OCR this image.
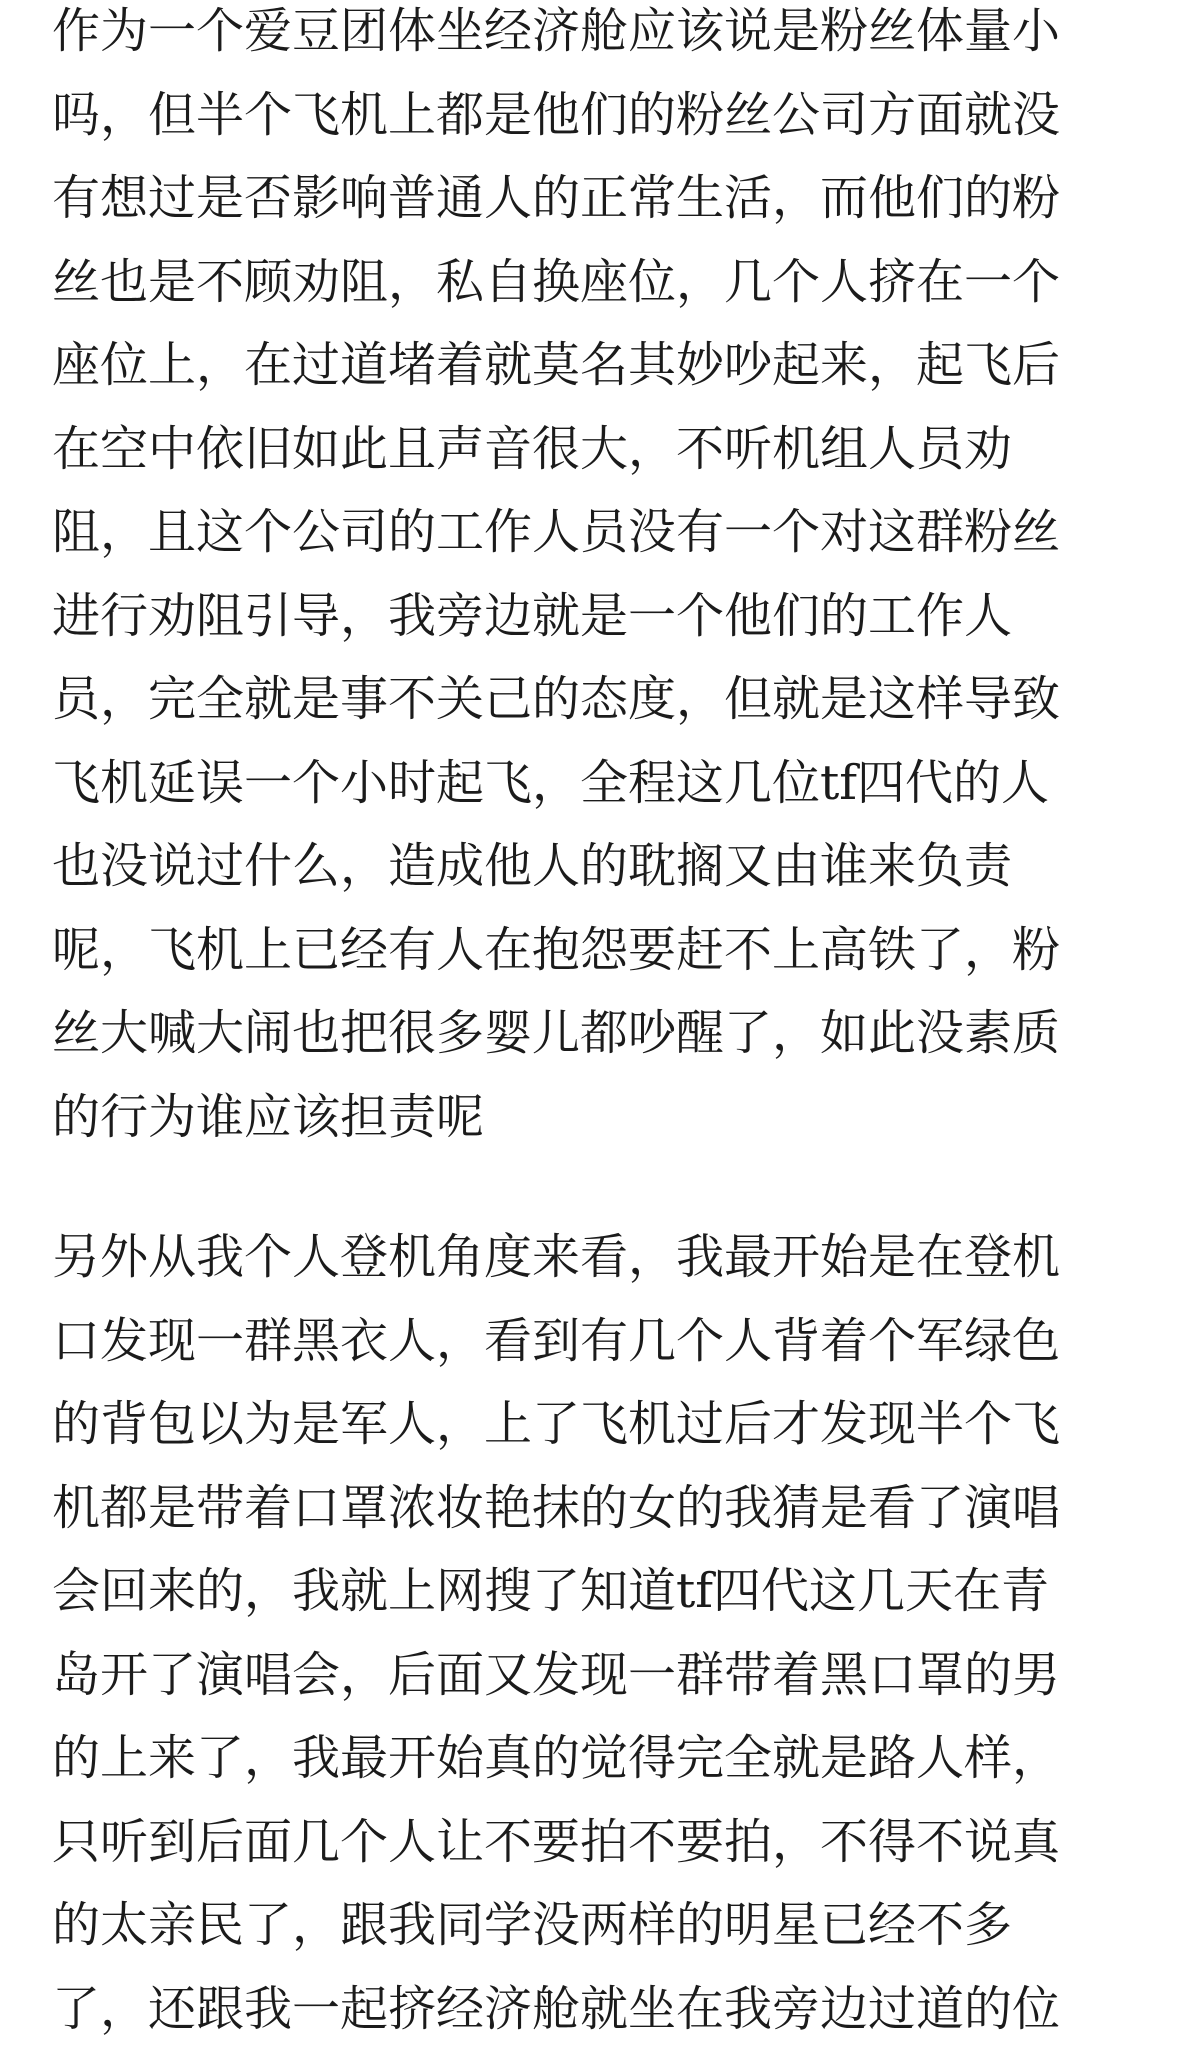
作为一个爱豆团体坐经济舱应该说是粉丝体量小
吗，但半个飞机上都是他们的粉丝公司方面就没
有想过是否影响普通人的正常生活，而他们的粉
丝也是不顾劝阻，私自换座位，几个人挤在一个
座位上，在过道堵着就莫名其妙吵起来，起飞后
在空中依旧如此且声音很大，不听机组人员劝
阻，且这个公司的工作人员没有一个对这群粉丝
进行劝阻引导，我旁边就是一个他们的工作人
员，完全就是事不关己的态度，但就是这样导致
飞机延误一个小时起飞，全程这几位tf四代的人
也没说过什么，造成他人的耽搁又由谁来负责
呢，飞机上已经有人在抱怨要赶不上高铁了，粉
丝大喊大闹也把很多婴儿都吵醒了，如此没素质
的行为谁应该担责呢
另外从我个人登机角度来看，我最开始是在登机
口发现一群黑衣人，看到有几个人背着个军绿色
的背包以为是军人，上了飞机过后才发现半个飞
机都是带着口罩浓妆艳抹的女的我猜是看了演唱
会回来的，我就上网搜了知道tf四代这几天在青
岛开了演唱会，后面又发现一群带着黑口罩的男
的上来了，我最开始真的觉得完全就是路人样，
只听到后面几个人让不要拍不要拍，不得不说真
的太亲民了，跟我同学没两样的明星已经不多
了，还跟我一起挤经济舱就坐在我旁边过道的位
